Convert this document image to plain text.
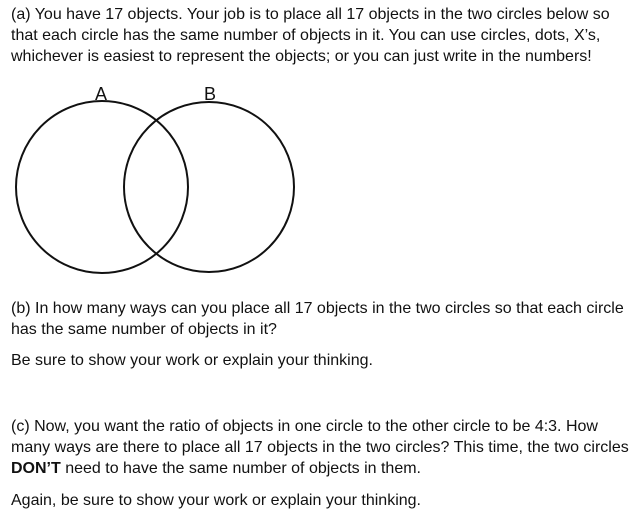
(a) You have 17 objects. Your job is to place all 17 objects in the two circles below so that each circle has the same number of objects in it. You can use circles, dots, X’s, whichever is easiest to represent the objects; or you can just write in the numbers!

A	B

(b) In how many ways can you place all 17 objects in the two circles so that each circle has the same number of objects in it?

Be sure to show your work or explain your thinking.

(c) Now, you want the ratio of objects in one circle to the other circle to be 4:3. How many ways are there to place all 17 objects in the two circles? This time, the two circles DON’T need to have the same number of objects in them.

Again, be sure to show your work or explain your thinking.
